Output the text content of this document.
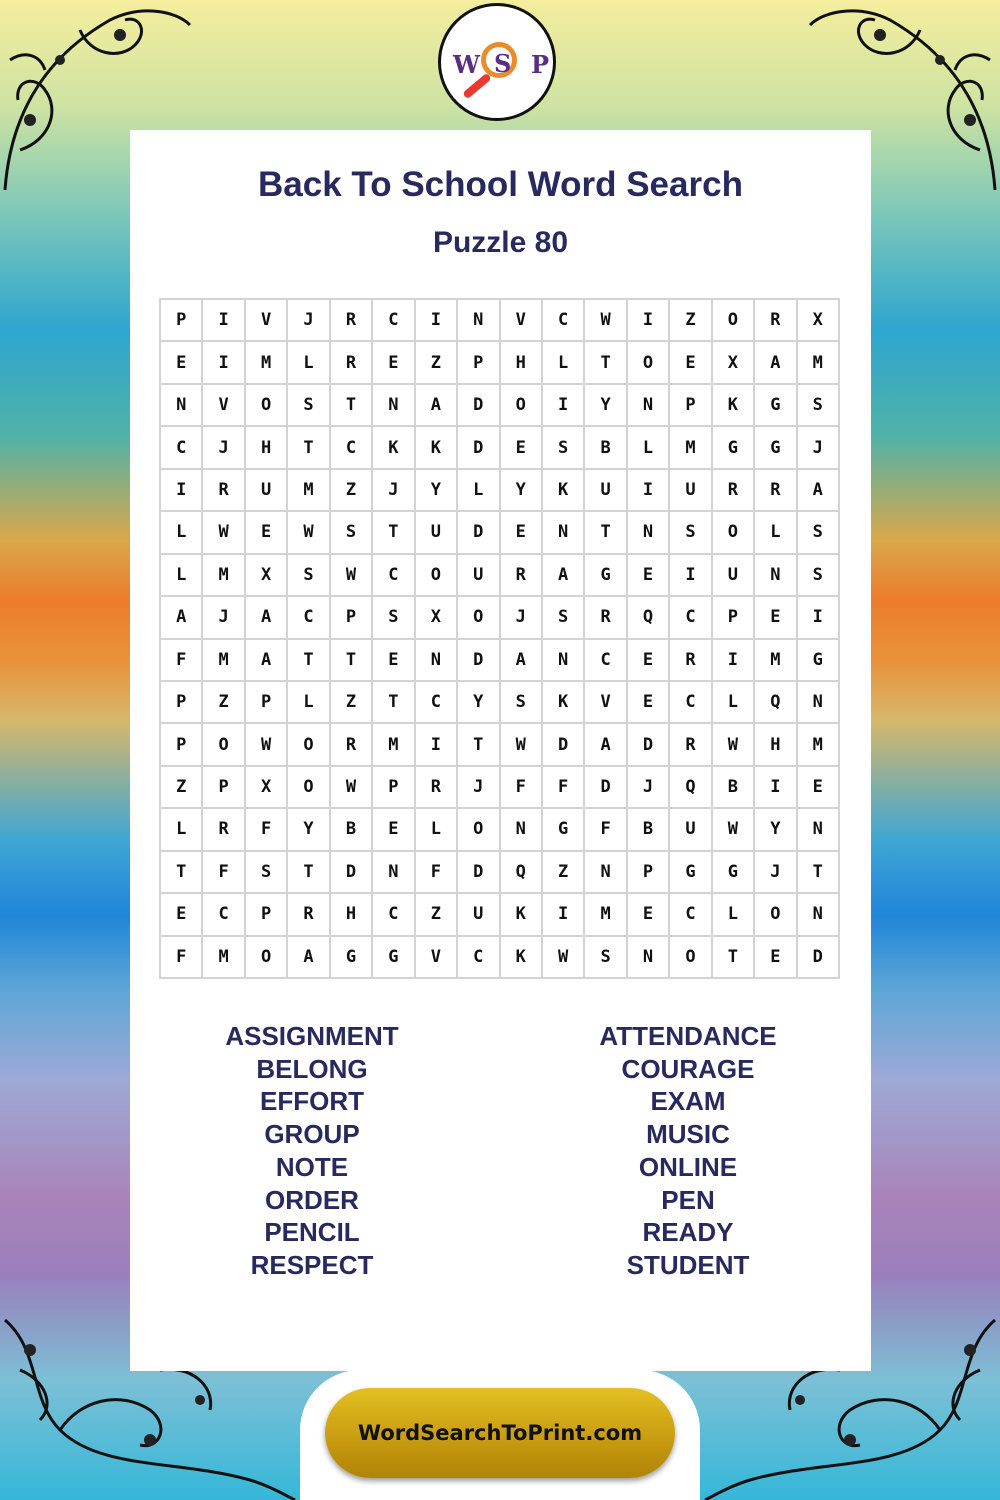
Back To School Word Search
Puzzle 80
W S P
P	I	V	J	R	C	I	N	V	C	W	I	Z	O	R	X
E	I	M	L	R	E	Z	P	H	L	T	O	E	X	A	M
N	V	O	S	T	N	A	D	O	I	Y	N	P	K	G	S
C	J	H	T	C	K	K	D	E	S	B	L	M	G	G	J
I	R	U	M	Z	J	Y	L	Y	K	U	I	U	R	R	A
L	W	E	W	S	T	U	D	E	N	T	N	S	O	L	S
L	M	X	S	W	C	O	U	R	A	G	E	I	U	N	S
A	J	A	C	P	S	X	O	J	S	R	Q	C	P	E	I
F	M	A	T	T	E	N	D	A	N	C	E	R	I	M	G
P	Z	P	L	Z	T	C	Y	S	K	V	E	C	L	Q	N
P	O	W	O	R	M	I	T	W	D	A	D	R	W	H	M
Z	P	X	O	W	P	R	J	F	F	D	J	Q	B	I	E
L	R	F	Y	B	E	L	O	N	G	F	B	U	W	Y	N
T	F	S	T	D	N	F	D	Q	Z	N	P	G	G	J	T
E	C	P	R	H	C	Z	U	K	I	M	E	C	L	O	N
F	M	O	A	G	G	V	C	K	W	S	N	O	T	E	D
ASSIGNMENT
BELONG
EFFORT
GROUP
NOTE
ORDER
PENCIL
RESPECT
ATTENDANCE
COURAGE
EXAM
MUSIC
ONLINE
PEN
READY
STUDENT
WordSearchToPrint.com
